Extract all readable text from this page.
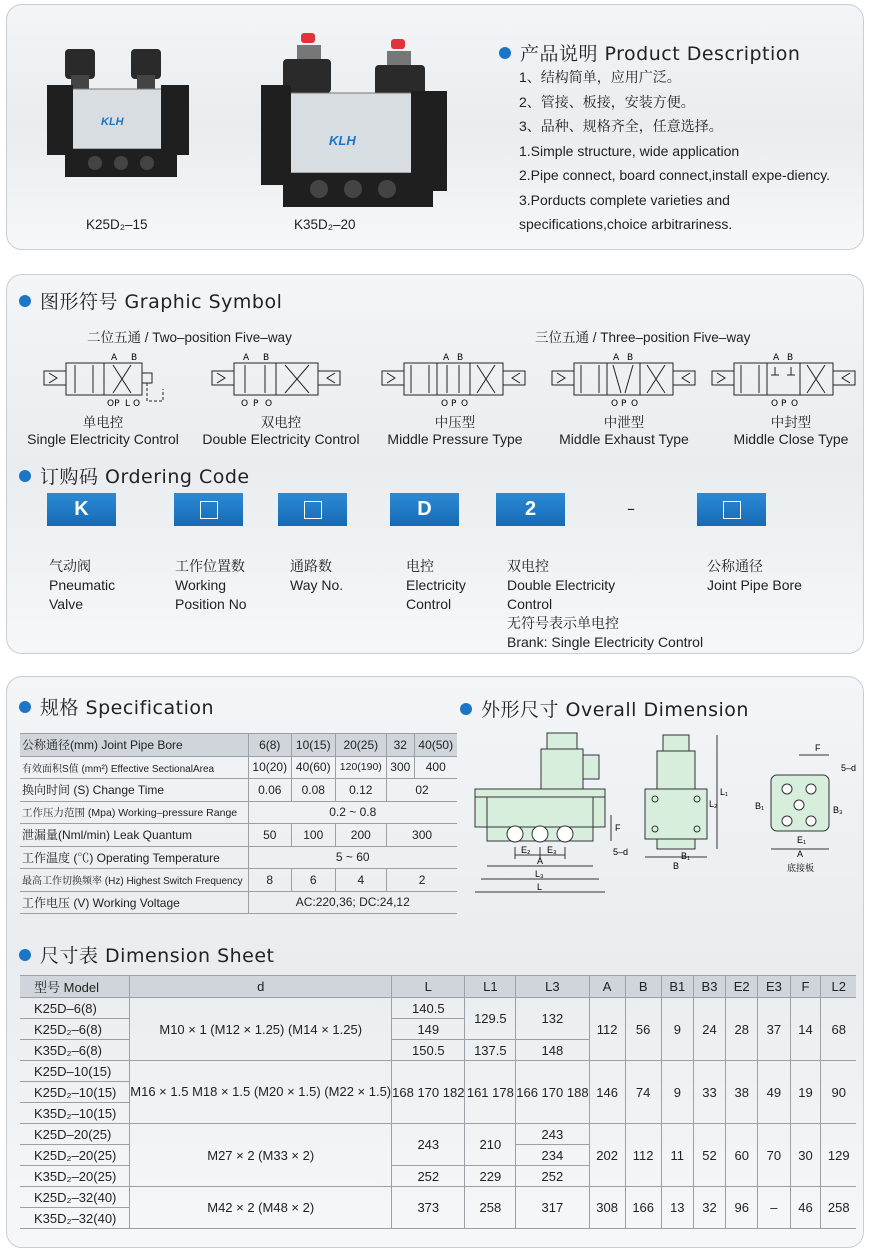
KLH
K25D₂–15
KLH
K35D₂–20
产品说明 Product Description
1、结构简单，应用广泛。
2、管接、板接，安装方便。
3、品种、规格齐全，任意选择。
1.Simple structure, wide application
2.Pipe connect, board connect,install expe-diency.
3.Porducts complete varieties and
specifications,choice arbitrariness.
图形符号 Graphic Symbol
二位五通 / Two–position Five–way	三位五通 / Three–position Five–way
A B
OP L O
A B
O P O
A B
O P O
A B
O P O
A B
O P O
单电控
Single Electricity Control
双电控
Double Electricity Control
中压型
Middle Pressure Type
中泄型
Middle Exhaust Type
中封型
Middle Close Type
订购码 Ordering Code
K	D	2	–
气动阀
Pneumatic
Valve
工作位置数
Working
Position No
通路数
Way No.
电控
Electricity
Control
双电控
Double Electricity
Control
无符号表示单电控
Brank: Single Electricity Control
公称通径
Joint Pipe Bore
规格 Specification
公称通径(mm) Joint Pipe Bore	6(8)	10(15)	20(25)	32	40(50)
有效面积S值 (mm²) Effective SectionalArea	10(20)	40(60)	120(190)	300	400
换向时间 (S) Change Time	0.06	0.08	0.12	02	
工作压力范围 (Mpa) Working–pressure Range	0.2 ~ 0.8				
泄漏量(Nml/min) Leak Quantum	50	100	200	300	
工作温度 (℃) Operating Temperature	5 ~ 60				
最高工作切换频率 (Hz) Highest Switch Frequency	8	6	4	2	
工作电压 (V) Working Voltage	AC:220,36; DC:24,12				
外形尺寸 Overall Dimension
E₂ E₃
A
L₃
L
F
5–d
B
B₁
L₁
L₂
F
5–d
B₁	B₃
E₁
A
底接板
尺寸表 Dimension Sheet
型号 Model	d	L	L1	L3	A	B	B1	B3	E2	E3	F	L2
K25D–6(8)	M10 × 1 (M12 × 1.25) (M14 × 1.25)	140.5	129.5	132	112	56	9	24	28	37	14	68
K25D₂–6(8)		149										
K35D₂–6(8)		150.5	137.5	148								
K25D–10(15)	M16 × 1.5 M18 × 1.5 (M20 × 1.5) (M22 × 1.5)	168 170 182	161 178	166 170 188	146	74	9	33	38	49	19	90
K25D₂–10(15)												
K35D₂–10(15)												
K25D–20(25)	M27 × 2 (M33 × 2)	243	210	243	202	112	11	52	60	70	30	129
K25D₂–20(25)				234								
K35D₂–20(25)		252	229	252								
K25D₂–32(40)	M42 × 2 (M48 × 2)	373	258	317	308	166	13	32	96	–	46	258
K35D₂–32(40)												
